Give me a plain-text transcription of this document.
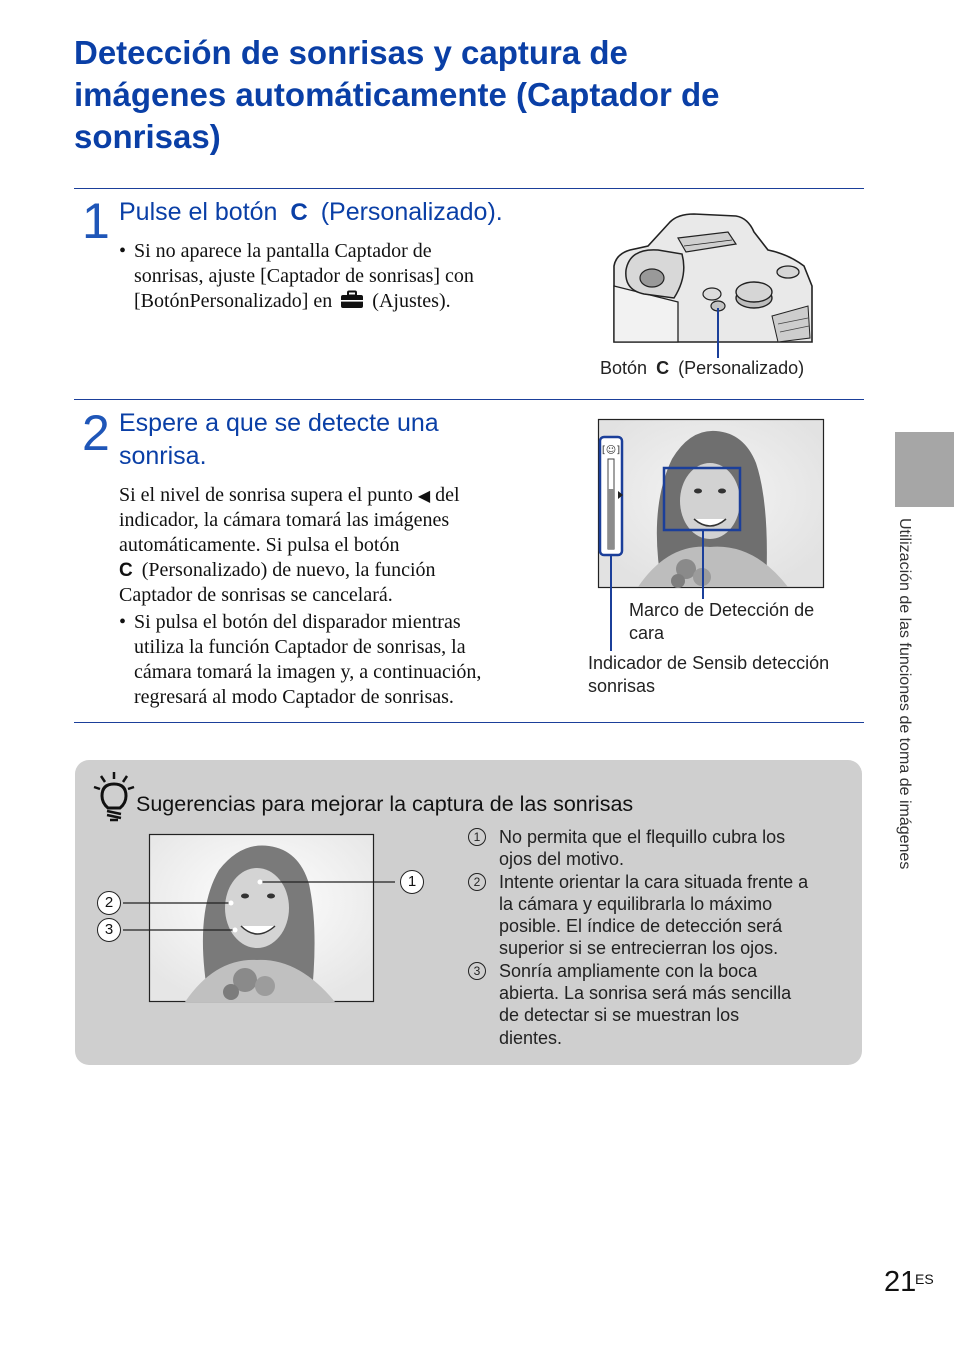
Detección de sonrisas y captura de
imágenes automáticamente (Captador de
sonrisas)
1 Pulse el botón C (Personalizado).
• Si no aparece la pantalla Captador de
sonrisas, ajuste [Captador de sonrisas] con
[BotónPersonalizado] en (Ajustes).
Botón C (Personalizado)
2 Espere a que se detecte una
sonrisa.
Si el nivel de sonrisa supera el punto ◀ del
indicador, la cámara tomará las imágenes
automáticamente. Si pulsa el botón
C (Personalizado) de nuevo, la función
Captador de sonrisas se cancelará.
• Si pulsa el botón del disparador mientras
utiliza la función Captador de sonrisas, la
cámara tomará la imagen y, a continuación,
regresará al modo Captador de sonrisas.
[☺]
Marco de Detección de
cara
Indicador de Sensib detección
sonrisas
Sugerencias para mejorar la captura de las sonrisas
1
2
3
1	No permita que el flequillo cubra los
ojos del motivo.
2	Intente orientar la cara situada frente a
la cámara y equilibrarla lo máximo
posible. El índice de detección será
superior si se entrecierran los ojos.
3	Sonría ampliamente con la boca
abierta. La sonrisa será más sencilla
de detectar si se muestran los
dientes.
Utilización de las funciones de toma de imágenes
21
ES
